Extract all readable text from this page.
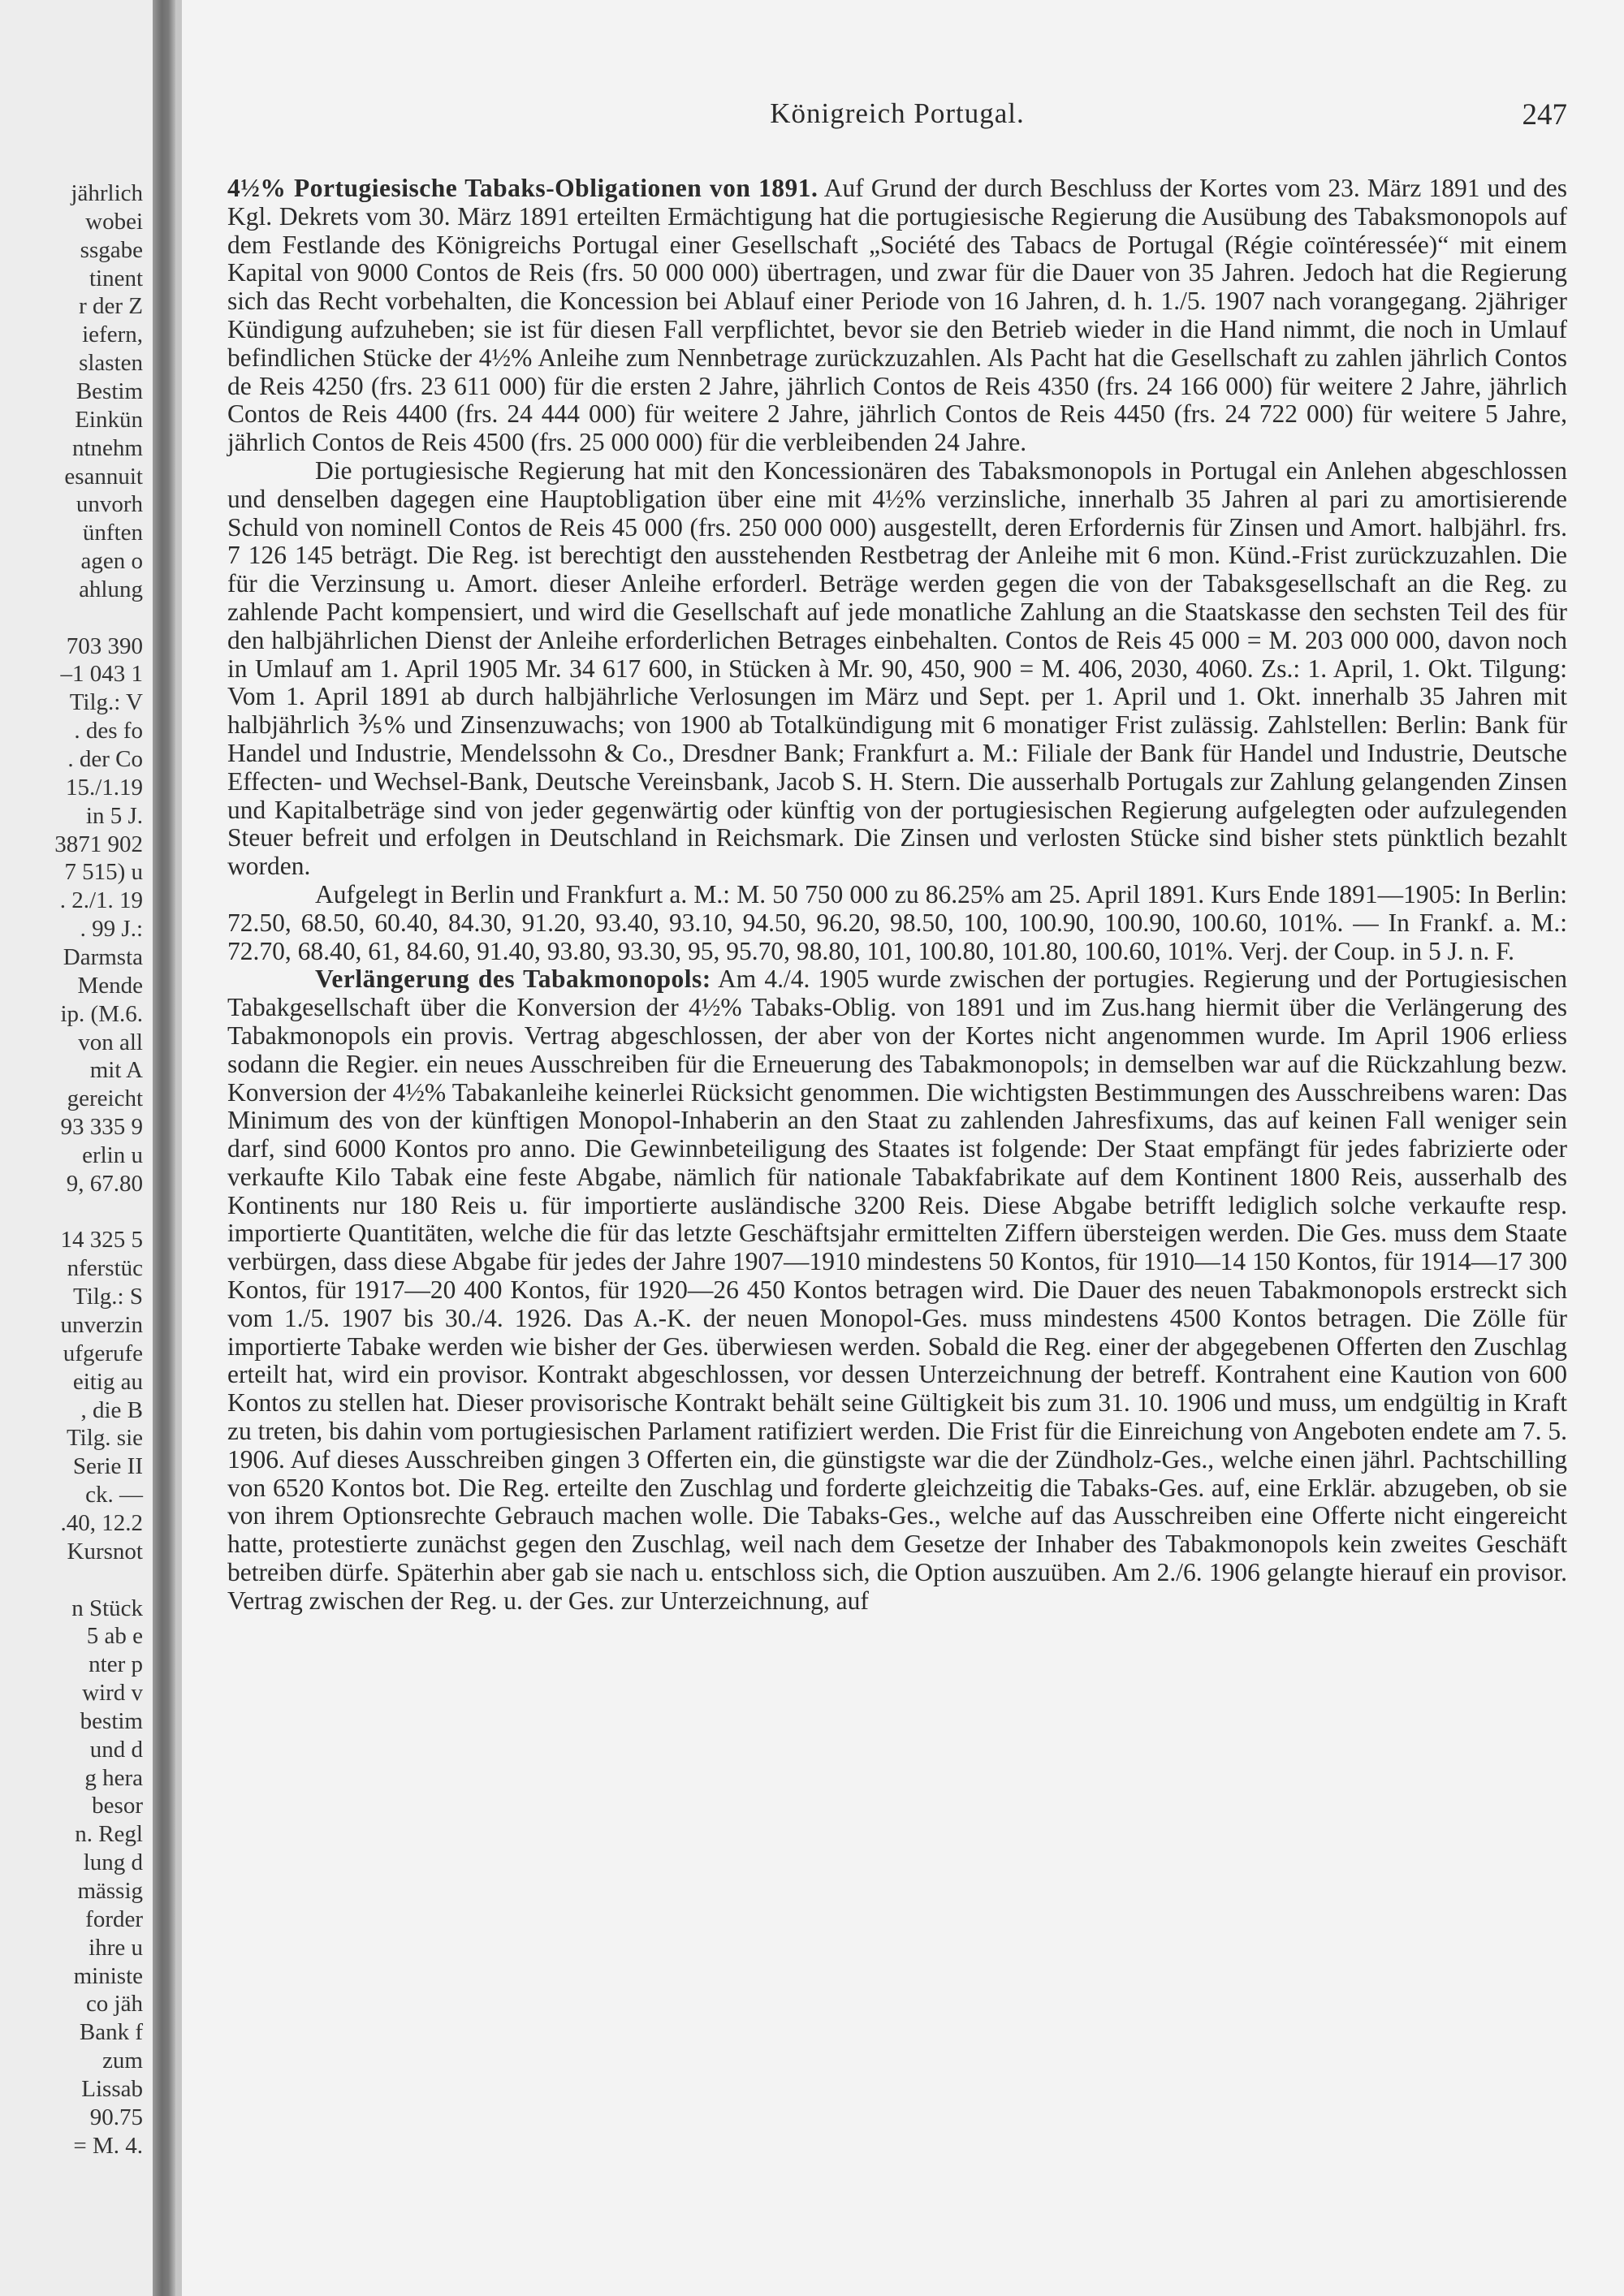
jährlich
wobei
ssgabe
tinent
r der Z
iefern,
slasten
Bestim
Einkün
ntnehm
esannuit
unvorh
ünften
agen o
ahlung
703 390
–1 043 1
Tilg.: V
. des fo
. der Co
15./1.19
in 5 J.
3871 902
7 515) u
. 2./1. 19
. 99 J.:
Darmsta
Mende
ip. (M.6.
von all
mit A
gereicht
93 335 9
erlin u
9, 67.80
14 325 5
nferstüc
Tilg.: S
unverzin
ufgerufe
eitig au
, die B
Tilg. sie
Serie II
ck. —
.40, 12.2
Kursnot
n Stück
5 ab e
nter p
wird v
bestim
und d
g hera
besor
n. Regl
lung d
mässig
forder
ihre u
ministe
co jäh
Bank f
zum
Lissab
90.75
= M. 4.
Königreich Portugal.	247

4½% Portugiesische Tabaks-Obligationen von 1891. Auf Grund der durch Beschluss der Kortes vom 23. März 1891 und des Kgl. Dekrets vom 30. März 1891 erteilten Ermächtigung hat die portugiesische Regierung die Ausübung des Tabaksmonopols auf dem Festlande des Königreichs Portugal einer Gesellschaft „Société des Tabacs de Portugal (Régie coïntéressée)“ mit einem Kapital von 9000 Contos de Reis (frs. 50 000 000) übertragen, und zwar für die Dauer von 35 Jahren. Jedoch hat die Regierung sich das Recht vorbehalten, die Koncession bei Ablauf einer Periode von 16 Jahren, d. h. 1./5. 1907 nach vorangegang. 2jähriger Kündigung aufzuheben; sie ist für diesen Fall verpflichtet, bevor sie den Betrieb wieder in die Hand nimmt, die noch in Umlauf befindlichen Stücke der 4½% Anleihe zum Nennbetrage zurückzuzahlen. Als Pacht hat die Gesellschaft zu zahlen jährlich Contos de Reis 4250 (frs. 23 611 000) für die ersten 2 Jahre, jährlich Contos de Reis 4350 (frs. 24 166 000) für weitere 2 Jahre, jährlich Contos de Reis 4400 (frs. 24 444 000) für weitere 2 Jahre, jährlich Contos de Reis 4450 (frs. 24 722 000) für weitere 5 Jahre, jährlich Contos de Reis 4500 (frs. 25 000 000) für die verbleibenden 24 Jahre.

Die portugiesische Regierung hat mit den Koncessionären des Tabaksmonopols in Portugal ein Anlehen abgeschlossen und denselben dagegen eine Hauptobligation über eine mit 4½% verzinsliche, innerhalb 35 Jahren al pari zu amortisierende Schuld von nominell Contos de Reis 45 000 (frs. 250 000 000) ausgestellt, deren Erfordernis für Zinsen und Amort. halbjährl. frs. 7 126 145 beträgt. Die Reg. ist berechtigt den ausstehenden Restbetrag der Anleihe mit 6 mon. Künd.-Frist zurückzuzahlen. Die für die Verzinsung u. Amort. dieser Anleihe erforderl. Beträge werden gegen die von der Tabaksgesellschaft an die Reg. zu zahlende Pacht kompensiert, und wird die Gesellschaft auf jede monatliche Zahlung an die Staatskasse den sechsten Teil des für den halbjährlichen Dienst der Anleihe erforderlichen Betrages einbehalten. Contos de Reis 45 000 = M. 203 000 000, davon noch in Umlauf am 1. April 1905 Mr. 34 617 600, in Stücken à Mr. 90, 450, 900 = M. 406, 2030, 4060. Zs.: 1. April, 1. Okt. Tilgung: Vom 1. April 1891 ab durch halbjährliche Verlosungen im März und Sept. per 1. April und 1. Okt. innerhalb 35 Jahren mit halbjährlich ⅗% und Zinsenzuwachs; von 1900 ab Totalkündigung mit 6 monatiger Frist zulässig. Zahlstellen: Berlin: Bank für Handel und Industrie, Mendelssohn & Co., Dresdner Bank; Frankfurt a. M.: Filiale der Bank für Handel und Industrie, Deutsche Effecten- und Wechsel-Bank, Deutsche Vereinsbank, Jacob S. H. Stern. Die ausserhalb Portugals zur Zahlung gelangenden Zinsen und Kapitalbeträge sind von jeder gegenwärtig oder künftig von der portugiesischen Regierung aufgelegten oder aufzulegenden Steuer befreit und erfolgen in Deutschland in Reichsmark. Die Zinsen und verlosten Stücke sind bisher stets pünktlich bezahlt worden.

Aufgelegt in Berlin und Frankfurt a. M.: M. 50 750 000 zu 86.25% am 25. April 1891. Kurs Ende 1891—1905: In Berlin: 72.50, 68.50, 60.40, 84.30, 91.20, 93.40, 93.10, 94.50, 96.20, 98.50, 100, 100.90, 100.90, 100.60, 101%. — In Frankf. a. M.: 72.70, 68.40, 61, 84.60, 91.40, 93.80, 93.30, 95, 95.70, 98.80, 101, 100.80, 101.80, 100.60, 101%. Verj. der Coup. in 5 J. n. F.

Verlängerung des Tabakmonopols: Am 4./4. 1905 wurde zwischen der portugies. Regierung und der Portugiesischen Tabakgesellschaft über die Konversion der 4½% Tabaks-Oblig. von 1891 und im Zus.hang hiermit über die Verlängerung des Tabakmonopols ein provis. Vertrag abgeschlossen, der aber von der Kortes nicht angenommen wurde. Im April 1906 erliess sodann die Regier. ein neues Ausschreiben für die Erneuerung des Tabakmonopols; in demselben war auf die Rückzahlung bezw. Konversion der 4½% Tabakanleihe keinerlei Rücksicht genommen. Die wichtigsten Bestimmungen des Ausschreibens waren: Das Minimum des von der künftigen Monopol-Inhaberin an den Staat zu zahlenden Jahresfixums, das auf keinen Fall weniger sein darf, sind 6000 Kontos pro anno. Die Gewinnbeteiligung des Staates ist folgende: Der Staat empfängt für jedes fabrizierte oder verkaufte Kilo Tabak eine feste Abgabe, nämlich für nationale Tabakfabrikate auf dem Kontinent 1800 Reis, ausserhalb des Kontinents nur 180 Reis u. für importierte ausländische 3200 Reis. Diese Abgabe betrifft lediglich solche verkaufte resp. importierte Quantitäten, welche die für das letzte Geschäftsjahr ermittelten Ziffern übersteigen werden. Die Ges. muss dem Staate verbürgen, dass diese Abgabe für jedes der Jahre 1907—1910 mindestens 50 Kontos, für 1910—14 150 Kontos, für 1914—17 300 Kontos, für 1917—20 400 Kontos, für 1920—26 450 Kontos betragen wird. Die Dauer des neuen Tabakmonopols erstreckt sich vom 1./5. 1907 bis 30./4. 1926. Das A.-K. der neuen Monopol-Ges. muss mindestens 4500 Kontos betragen. Die Zölle für importierte Tabake werden wie bisher der Ges. überwiesen werden. Sobald die Reg. einer der abgegebenen Offerten den Zuschlag erteilt hat, wird ein provisor. Kontrakt abgeschlossen, vor dessen Unterzeichnung der betreff. Kontrahent eine Kaution von 600 Kontos zu stellen hat. Dieser provisorische Kontrakt behält seine Gültigkeit bis zum 31. 10. 1906 und muss, um endgültig in Kraft zu treten, bis dahin vom portugiesischen Parlament ratifiziert werden. Die Frist für die Einreichung von Angeboten endete am 7. 5. 1906. Auf dieses Ausschreiben gingen 3 Offerten ein, die günstigste war die der Zündholz-Ges., welche einen jährl. Pachtschilling von 6520 Kontos bot. Die Reg. erteilte den Zuschlag und forderte gleichzeitig die Tabaks-Ges. auf, eine Erklär. abzugeben, ob sie von ihrem Optionsrechte Gebrauch machen wolle. Die Tabaks-Ges., welche auf das Ausschreiben eine Offerte nicht eingereicht hatte, protestierte zunächst gegen den Zuschlag, weil nach dem Gesetze der Inhaber des Tabakmonopols kein zweites Geschäft betreiben dürfe. Späterhin aber gab sie nach u. entschloss sich, die Option auszuüben. Am 2./6. 1906 gelangte hierauf ein provisor. Vertrag zwischen der Reg. u. der Ges. zur Unterzeichnung, auf
